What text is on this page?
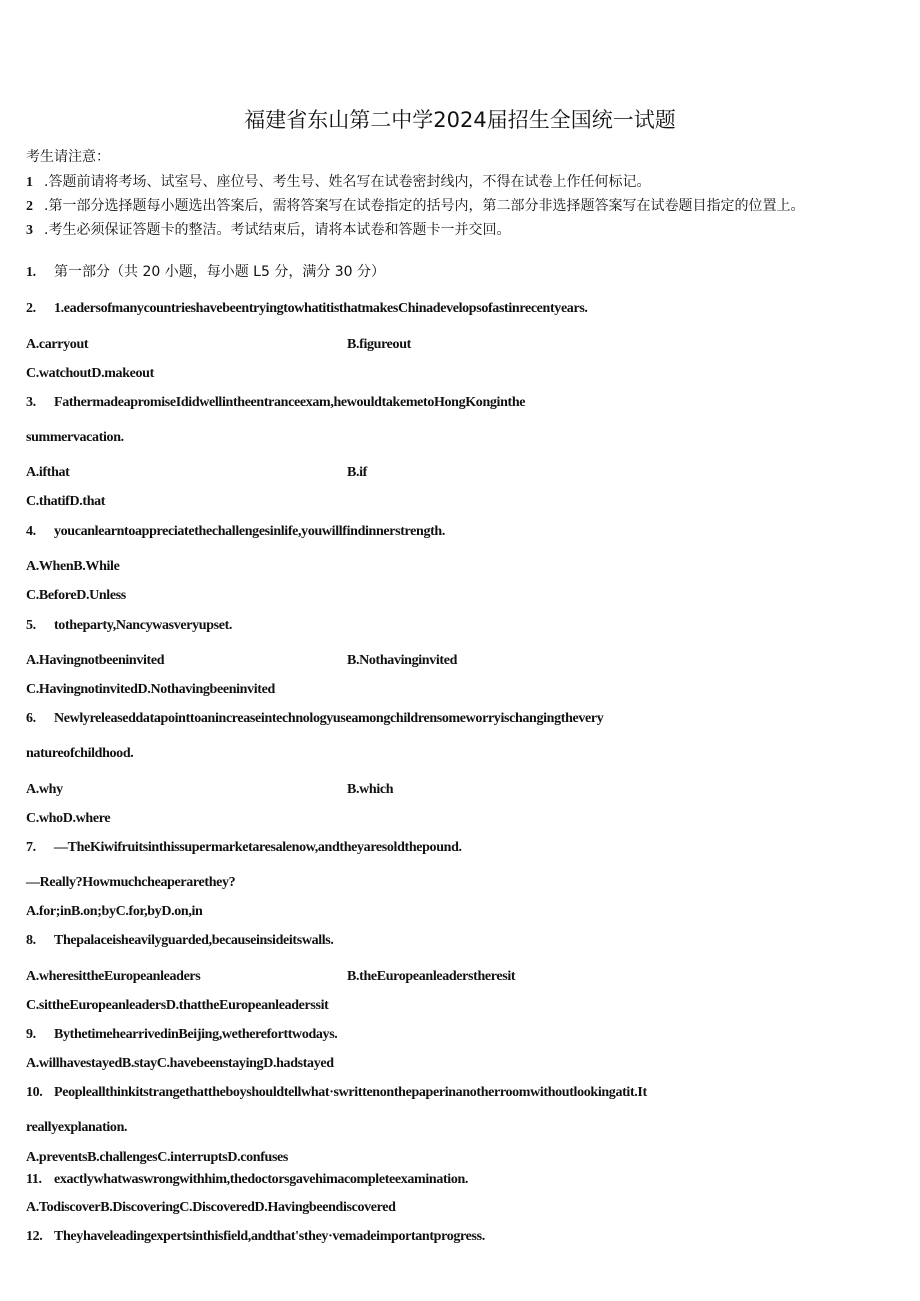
福建省东山第二中学2024届招生全国统一试题
考生请注意：
1 .答题前请将考场、试室号、座位号、考生号、姓名写在试卷密封线内，不得在试卷上作任何标记。
2 .第一部分选择题每小题选出答案后，需将答案写在试卷指定的括号内，第二部分非选择题答案写在试卷题目指定的位置上。
3 .考生必须保证答题卡的整洁。考试结束后，请将本试卷和答题卡一并交回。
1. 第一部分（共 20 小题，每小题 L5 分，满分 30 分）
2. 1.eadersofmanycountrieshavebeentryingtowhatitisthatmakesChinadevelopsofastinrecentyears.
A.carryout	B.figureout
C.watchoutD.makeout
3. FathermadeapromiseIdidwellintheentranceexam,hewouldtakemetoHongKonginthe
summervacation.
A.ifthat	B.if
C.thatifD.that
4. youcanlearntoappreciatethechallengesinlife,youwillfindinnerstrength.
A.WhenB.While
C.BeforeD.Unless
5. totheparty,Nancywasveryupset.
A.Havingnotbeeninvited	B.Nothavinginvited
C.HavingnotinvitedD.Nothavingbeeninvited
6. Newlyreleaseddatapointtoanincreaseintechnologyuseamongchildrensomeworryischangingthevery
natureofchildhood.
A.why	B.which
C.whoD.where
7. —TheKiwifruitsinthissupermarketaresalenow,andtheyaresoldthepound.
—Really?Howmuchcheaperarethey?
A.for;inB.on;byC.for,byD.on,in
8. Thepalaceisheavilyguarded,becauseinsideitswalls.
A.wheresittheEuropeanleaders	B.theEuropeanleaderstheresit
C.sittheEuropeanleadersD.thattheEuropeanleaderssit
9. BythetimehearrivedinBeijing,wethereforttwodays.
A.willhavestayedB.stayC.havebeenstayingD.hadstayed
10. Peopleallthinkitstrangethattheboyshouldtellwhat·swrittenonthepaperinanotherroomwithoutlookingatit.It
reallyexplanation.
A.preventsB.challengesC.interruptsD.confuses
11. exactlywhatwaswrongwithhim,thedoctorsgavehimacompleteexamination.
A.TodiscoverB.DiscoveringC.DiscoveredD.Havingbeendiscovered
12. Theyhaveleadingexpertsinthisfield,andthat'sthey·vemadeimportantprogress.
